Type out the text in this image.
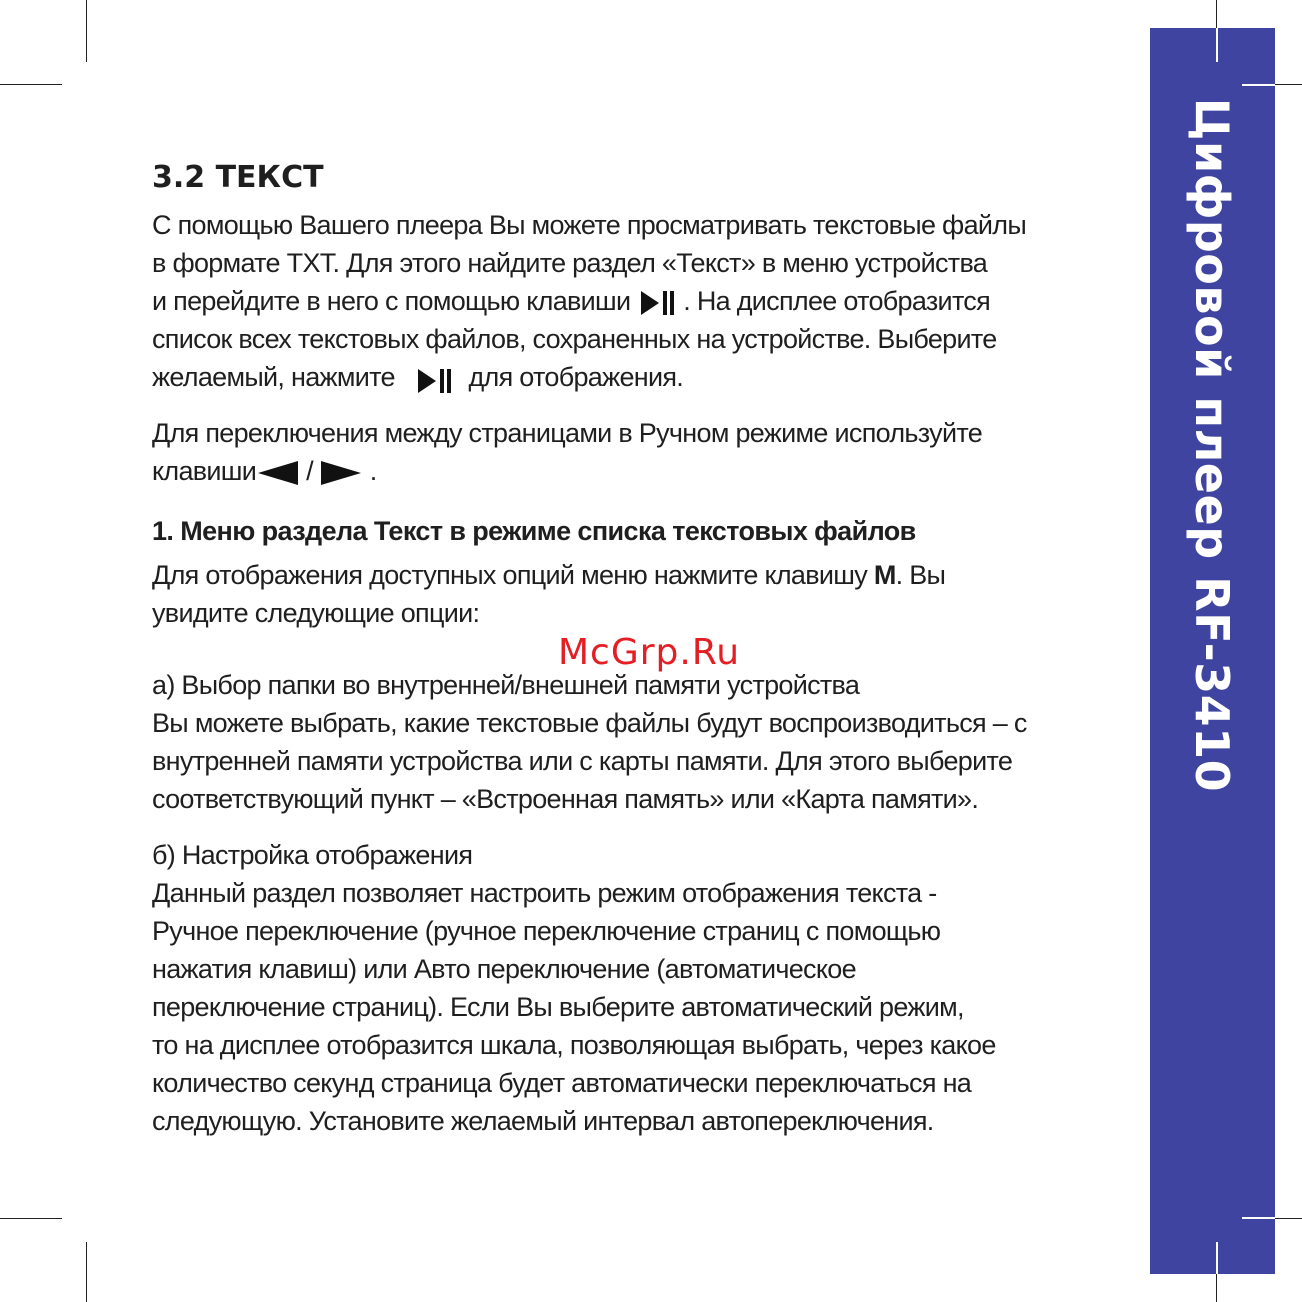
Цифровой плеер RF-3410
3.2 ТЕКСТ

С помощью Вашего плеера Вы можете просматривать текстовые файлы
в формате TXT. Для этого найдите раздел «Текст» в меню устройства
и перейдите в него с помощью клавиши . На дисплее отобразится
список всех текстовых файлов, сохраненных на устройстве. Выберите
желаемый, нажмите	для отображения.

Для переключения между страницами в Ручном режиме используйте
клавиши / .

1. Меню раздела Текст в режиме списка текстовых файлов

Для отображения доступных опций меню нажмите клавишу M. Вы
увидите следующие опции:

а) Выбор папки во внутренней/внешней памяти устройства
Вы можете выбрать, какие текстовые файлы будут воспроизводиться – с
внутренней памяти устройства или с карты памяти. Для этого выберите
соответствующий пункт – «Встроенная память» или «Карта памяти».

б) Настройка отображения
Данный раздел позволяет настроить режим отображения текста -
Ручное переключение (ручное переключение страниц с помощью
нажатия клавиш) или Авто переключение (автоматическое
переключение страниц). Если Вы выберите автоматический режим,
то на дисплее отобразится шкала, позволяющая выбрать, через какое
количество секунд страница будет автоматически переключаться на
следующую. Установите желаемый интервал автопереключения.

McGrp.Ru
